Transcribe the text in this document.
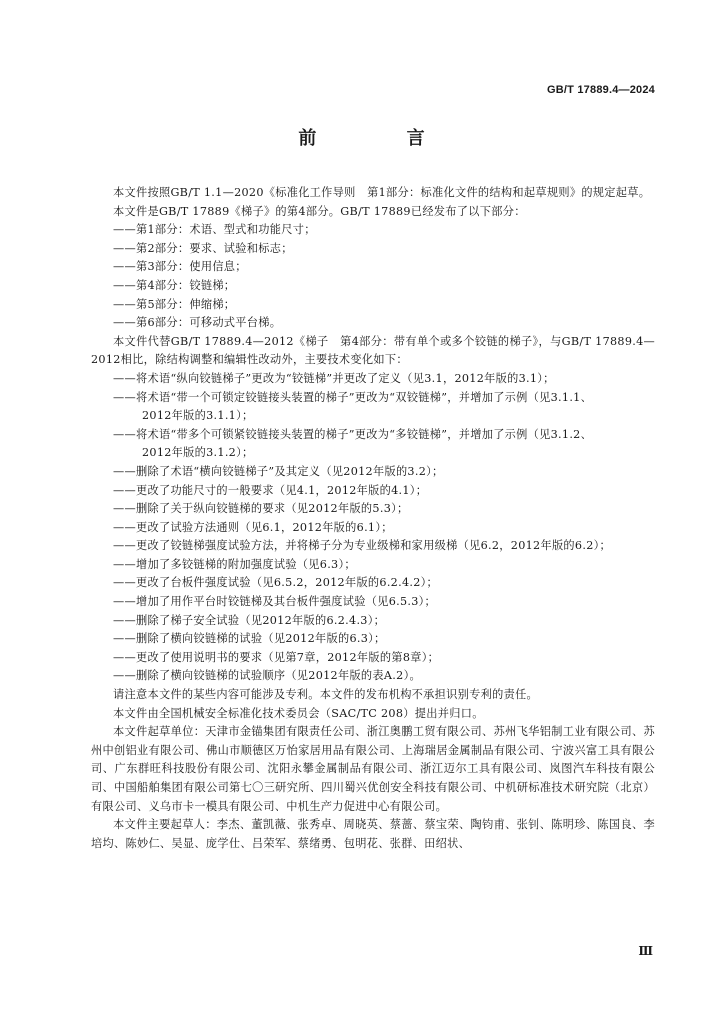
GB/T 17889.4—2024
前 言

本文件按照GB/T 1.1—2020《标准化工作导则　第1部分：标准化文件的结构和起草规则》的规定起草。

本文件是GB/T 17889《梯子》的第4部分。GB/T 17889已经发布了以下部分：

——第1部分：术语、型式和功能尺寸；

——第2部分：要求、试验和标志；

——第3部分：使用信息；

——第4部分：铰链梯；

——第5部分：伸缩梯；

——第6部分：可移动式平台梯。

本文件代替GB/T 17889.4—2012《梯子　第4部分：带有单个或多个铰链的梯子》，与GB/T 17889.4—2012相比，除结构调整和编辑性改动外，主要技术变化如下：

——将术语“纵向铰链梯子”更改为“铰链梯”并更改了定义（见3.1，2012年版的3.1）；

——将术语“带一个可锁定铰链接头装置的梯子”更改为“双铰链梯”，并增加了示例（见3.1.1、

2012年版的3.1.1）；

——将术语“带多个可锁紧铰链接头装置的梯子”更改为“多铰链梯”，并增加了示例（见3.1.2、

2012年版的3.1.2）；

——删除了术语“横向铰链梯子”及其定义（见2012年版的3.2）；

——更改了功能尺寸的一般要求（见4.1，2012年版的4.1）；

——删除了关于纵向铰链梯的要求（见2012年版的5.3）；

——更改了试验方法通则（见6.1，2012年版的6.1）；

——更改了铰链梯强度试验方法，并将梯子分为专业级梯和家用级梯（见6.2，2012年版的6.2）；

——增加了多铰链梯的附加强度试验（见6.3）；

——更改了台板件强度试验（见6.5.2，2012年版的6.2.4.2）；

——增加了用作平台时铰链梯及其台板件强度试验（见6.5.3）；

——删除了梯子安全试验（见2012年版的6.2.4.3）；

——删除了横向铰链梯的试验（见2012年版的6.3）；

——更改了使用说明书的要求（见第7章，2012年版的第8章）；

——删除了横向铰链梯的试验顺序（见2012年版的表A.2）。

请注意本文件的某些内容可能涉及专利。本文件的发布机构不承担识别专利的责任。

本文件由全国机械安全标准化技术委员会（SAC/TC 208）提出并归口。

本文件起草单位：天津市金锚集团有限责任公司、浙江奥鹏工贸有限公司、苏州飞华铝制工业有限公司、苏州中创铝业有限公司、佛山市顺德区万怡家居用品有限公司、上海瑞居金属制品有限公司、宁波兴富工具有限公司、广东群旺科技股份有限公司、沈阳永攀金属制品有限公司、浙江迈尔工具有限公司、岚图汽车科技有限公司、中国船舶集团有限公司第七〇三研究所、四川蜀兴优创安全科技有限公司、中机研标准技术研究院（北京）有限公司、义乌市卡一模具有限公司、中机生产力促进中心有限公司。

本文件主要起草人：李杰、董凯薇、张秀卓、周晓英、蔡蔷、蔡宝荣、陶钧甫、张钊、陈明珍、陈国良、李培均、陈妙仁、吴显、庞学仕、吕荣军、蔡绪勇、包明花、张群、田绍状、

Ⅲ
